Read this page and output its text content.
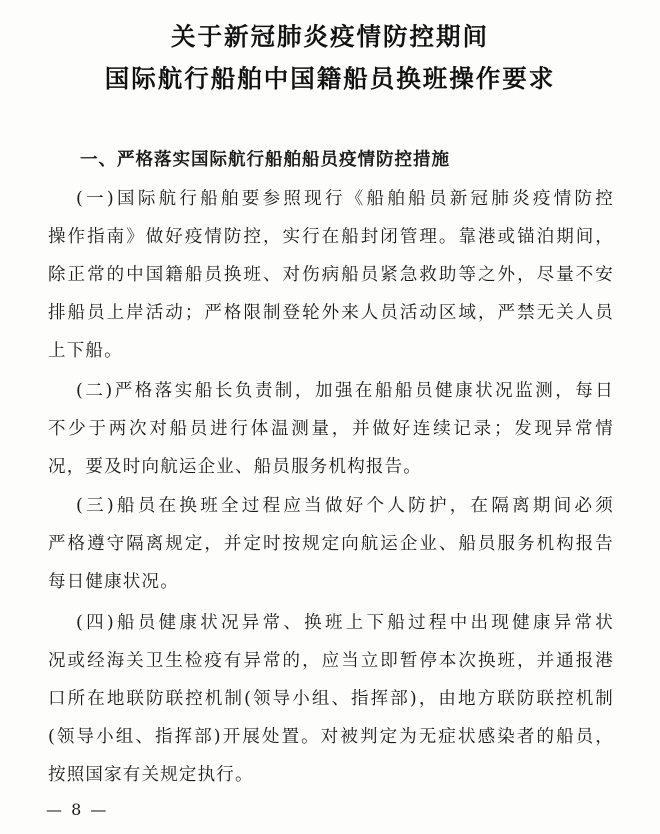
关于新冠肺炎疫情防控期间
国际航行船舶中国籍船员换班操作要求
一、严格落实国际航行船舶船员疫情防控措施
(一)国际航行船舶要参照现行《船舶船员新冠肺炎疫情防控
操作指南》做好疫情防控，实行在船封闭管理。靠港或锚泊期间，
除正常的中国籍船员换班、对伤病船员紧急救助等之外，尽量不安
排船员上岸活动；严格限制登轮外来人员活动区域，严禁无关人员
上下船。
(二)严格落实船长负责制，加强在船船员健康状况监测，每日
不少于两次对船员进行体温测量，并做好连续记录；发现异常情
况，要及时向航运企业、船员服务机构报告。
(三)船员在换班全过程应当做好个人防护，在隔离期间必须
严格遵守隔离规定，并定时按规定向航运企业、船员服务机构报告
每日健康状况。
(四)船员健康状况异常、换班上下船过程中出现健康异常状
况或经海关卫生检疫有异常的，应当立即暂停本次换班，并通报港
口所在地联防联控机制(领导小组、指挥部)，由地方联防联控机制
(领导小组、指挥部)开展处置。对被判定为无症状感染者的船员，
按照国家有关规定执行。
— 8 —
